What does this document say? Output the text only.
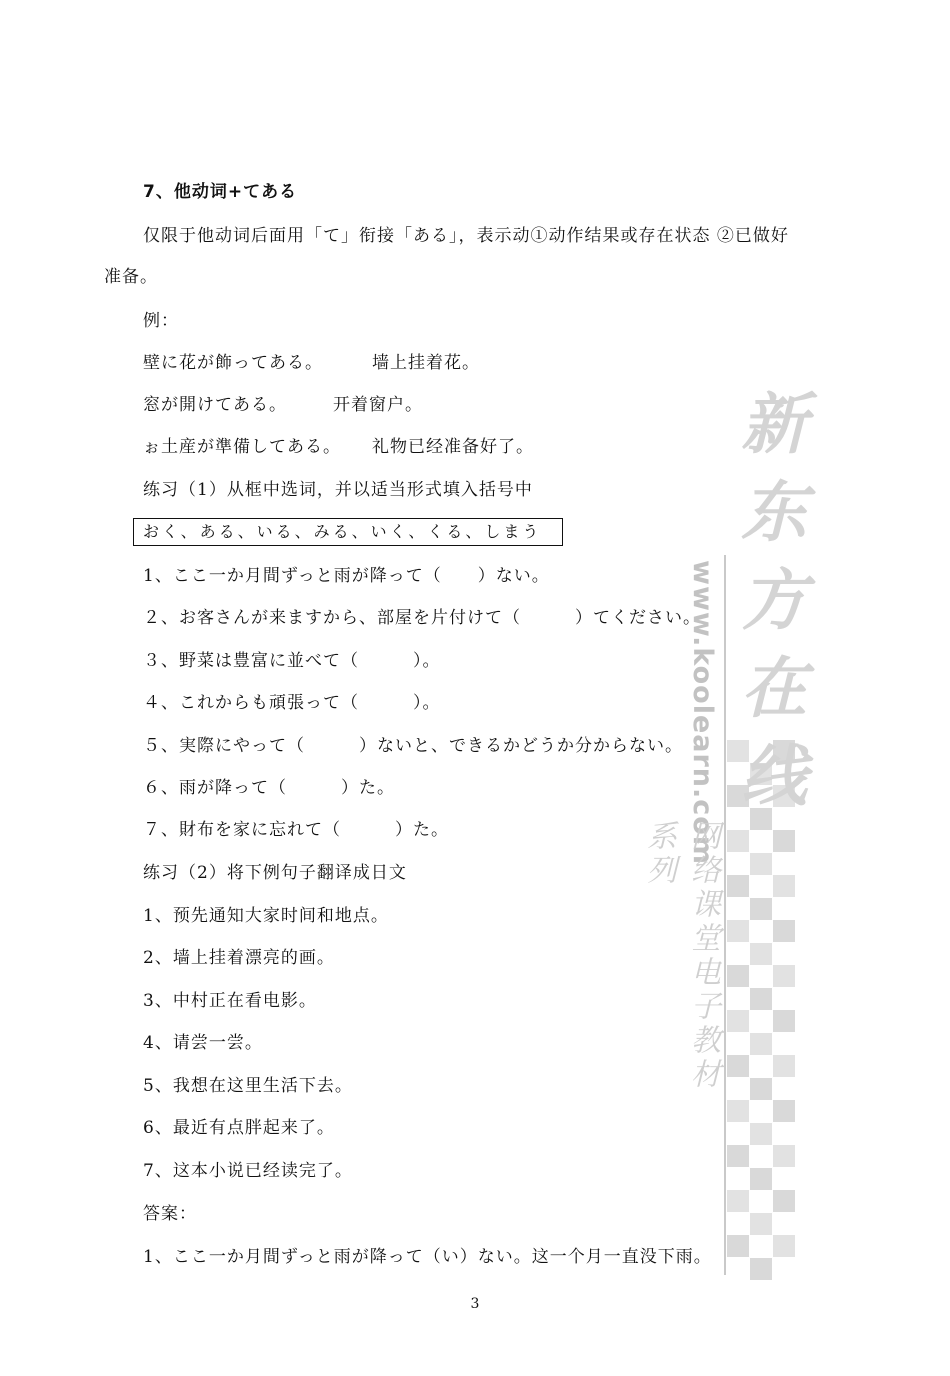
新
东
方
在
线
www.koolearn.com
网络课堂电子教材系列
7、他动词+てある
仅限于他动词后面用「て」衔接「ある」，表示动①动作结果或存在状态 ②已做好
准备。
例：
壁に花が飾ってある。	墙上挂着花。
窓が開けてある。	开着窗户。
ぉ土産が準備してある。 礼物已经准备好了。
练习（1）从框中选词，并以适当形式填入括号中
おく、ある、いる、みる、いく、くる、しまう
1、ここ一か月間ずっと雨が降って（　　）ない。
２、お客さんが来ますから、部屋を片付けて（　　　）てください。
３、野菜は豊富に並べて（　　　）。
４、これからも頑張って（　　　）。
５、実際にやって（　　　）ないと、できるかどうか分からない。
６、雨が降って（　　　）た。
７、財布を家に忘れて（　　　）た。
练习（2）将下例句子翻译成日文
1、预先通知大家时间和地点。
2、墙上挂着漂亮的画。
3、中村正在看电影。
4、请尝一尝。
5、我想在这里生活下去。
6、最近有点胖起来了。
7、这本小说已经读完了。
答案：
1、ここ一か月間ずっと雨が降って（い）ない。这一个月一直没下雨。
3
